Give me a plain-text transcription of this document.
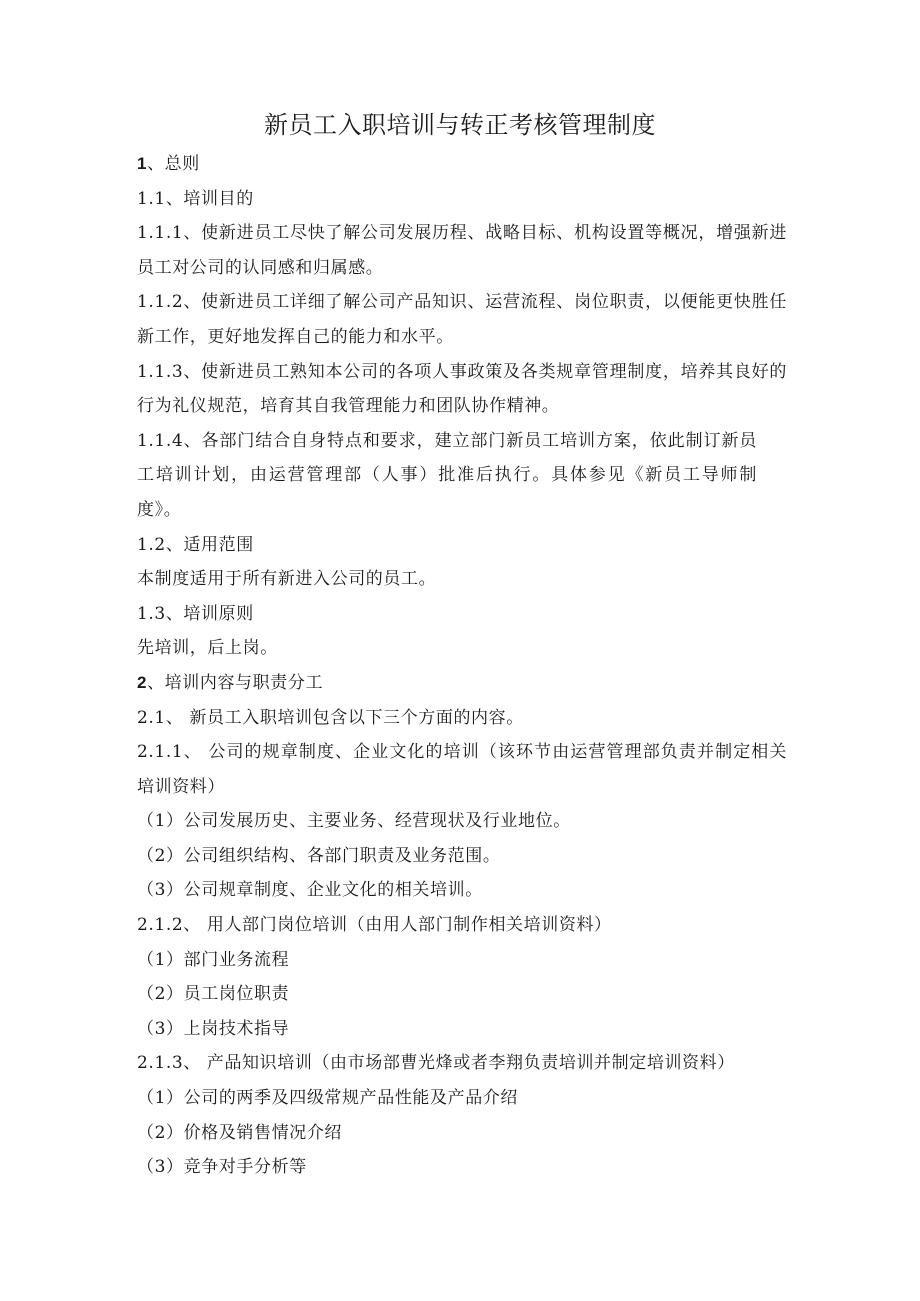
新员工入职培训与转正考核管理制度

1、总则

1.1、培训目的

1.1.1、使新进员工尽快了解公司发展历程、战略目标、机构设置等概况，增强新进员工对公司的认同感和归属感。

1.1.2、使新进员工详细了解公司产品知识、运营流程、岗位职责，以便能更快胜任新工作，更好地发挥自己的能力和水平。

1.1.3、使新进员工熟知本公司的各项人事政策及各类规章管理制度，培养其良好的行为礼仪规范，培育其自我管理能力和团队协作精神。

1.1.4、各部门结合自身特点和要求，建立部门新员工培训方案，依此制订新员工培训计划，由运营管理部（人事）批准后执行。具体参见《新员工导师制度》。

1.2、适用范围

本制度适用于所有新进入公司的员工。

1.3、培训原则

先培训，后上岗。

2、培训内容与职责分工

2.1、 新员工入职培训包含以下三个方面的内容。

2.1.1、 公司的规章制度、企业文化的培训（该环节由运营管理部负责并制定相关培训资料）

（1）公司发展历史、主要业务、经营现状及行业地位。

（2）公司组织结构、各部门职责及业务范围。

（3）公司规章制度、企业文化的相关培训。

2.1.2、 用人部门岗位培训（由用人部门制作相关培训资料）

（1）部门业务流程

（2）员工岗位职责

（3）上岗技术指导

2.1.3、 产品知识培训（由市场部曹光烽或者李翔负责培训并制定培训资料）

（1）公司的两季及四级常规产品性能及产品介绍

（2）价格及销售情况介绍

（3）竞争对手分析等
